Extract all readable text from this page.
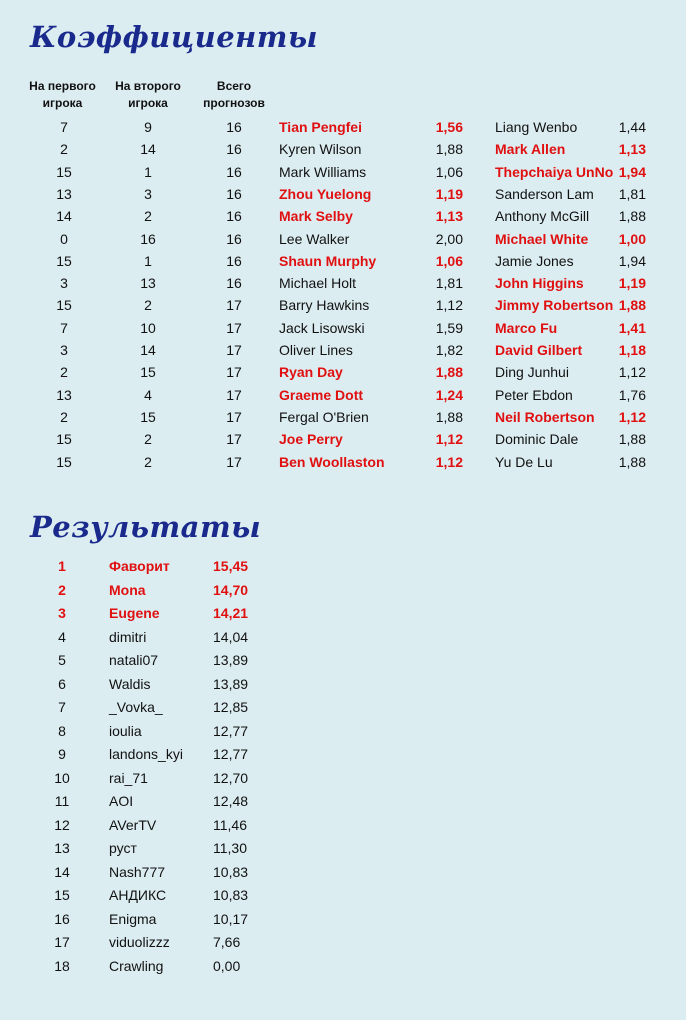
Коэффициенты
На первого игрока
На второго игрока
Всего прогнозов
7	9	16	Tian Pengfei	1,56 Liang Wenbo	1,44
2	14	16	Kyren Wilson	1,88 Mark Allen	1,13
15	1	16	Mark Williams	1,06 Thepchaiya UnNo 1,94
13	3	16	Zhou Yuelong	1,19 Sanderson Lam	1,81
14	2	16	Mark Selby	1,13 Anthony McGill	1,88
0	16	16	Lee Walker	2,00 Michael White	1,00
15	1	16	Shaun Murphy	1,06 Jamie Jones	1,94
3	13	16	Michael Holt	1,81 John Higgins	1,19
15	2	17	Barry Hawkins	1,12 Jimmy Robertson 1,88
7	10	17	Jack Lisowski	1,59 Marco Fu	1,41
3	14	17	Oliver Lines	1,82 David Gilbert	1,18
2	15	17	Ryan Day	1,88 Ding Junhui	1,12
13	4	17	Graeme Dott	1,24 Peter Ebdon	1,76
2	15	17	Fergal O'Brien	1,88 Neil Robertson	1,12
15	2	17	Joe Perry	1,12 Dominic Dale	1,88
15	2	17	Ben Woollaston	1,12 Yu De Lu	1,88
Результаты
1	Фаворит	15,45
2	Mona	14,70
3	Eugene	14,21
4	dimitri	14,04
5	natali07	13,89
6	Waldis	13,89
7	_Vovka_	12,85
8	ioulia	12,77
9	landons_kyi 12,77
10	rai_71	12,70
11	AOI	12,48
12	AVerTV	11,46
13	руст	11,30
14	Nash777	10,83
15	АНДИКС	10,83
16	Enigma	10,17
17	viduolizzz	7,66
18	Crawling	0,00
